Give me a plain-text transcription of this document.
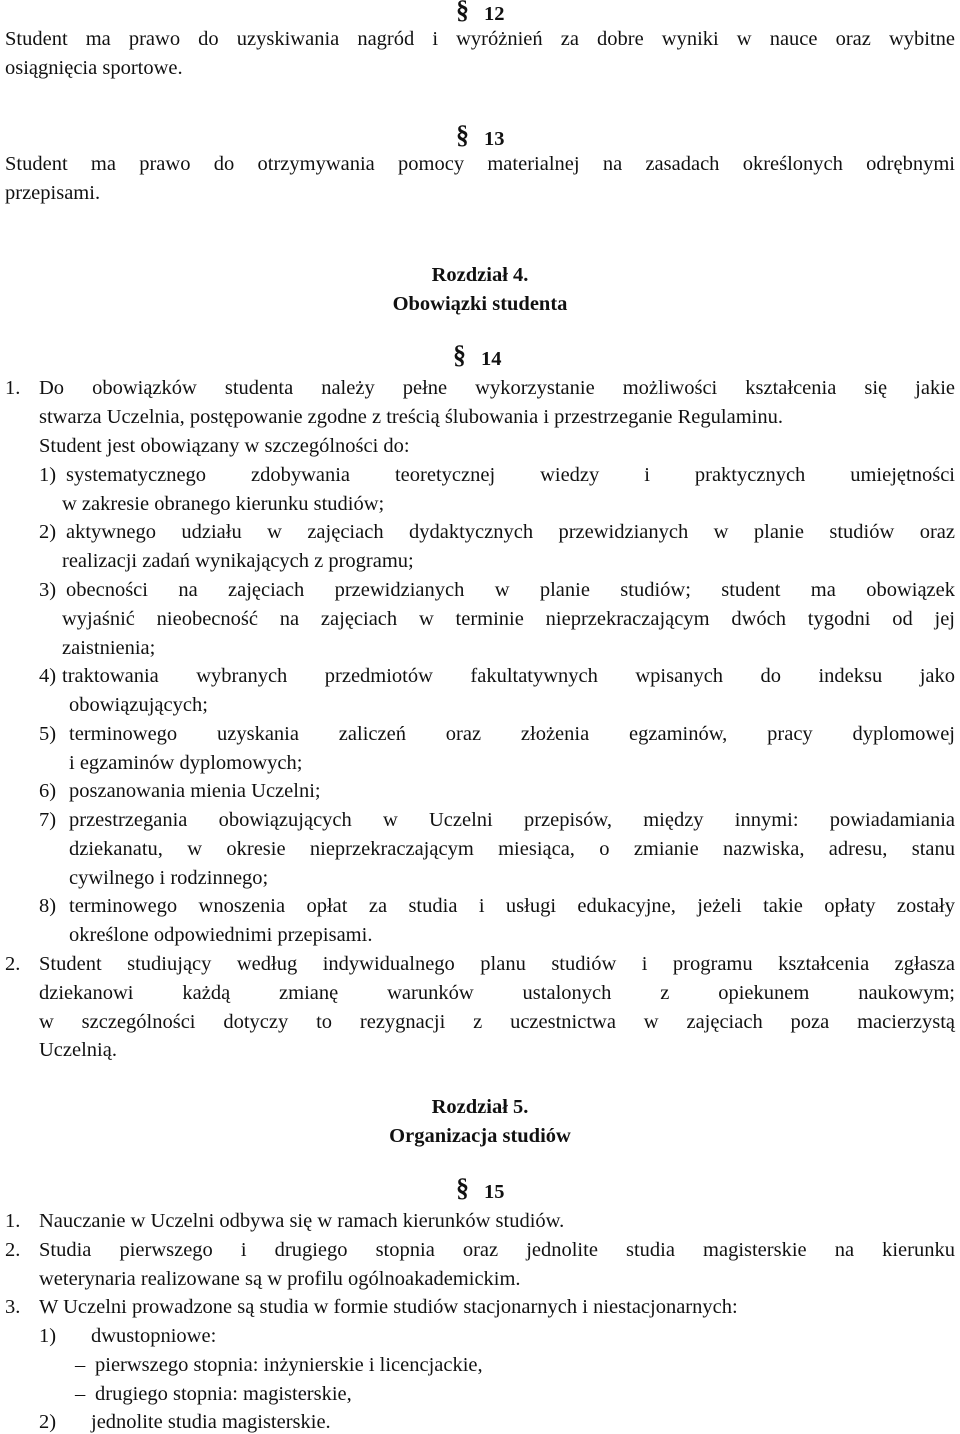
§ 12
Student ma prawo do uzyskiwania nagród i wyróżnień za dobre wyniki w nauce oraz wybitne
osiągnięcia sportowe.
§ 13
Student ma prawo do otrzymywania pomocy materialnej na zasadach określonych odrębnymi
przepisami.
Rozdział 4.
Obowiązki studenta
§ 14
1. Do obowiązków studenta należy pełne wykorzystanie możliwości kształcenia się jakie
stwarza Uczelnia, postępowanie zgodne z treścią ślubowania i przestrzeganie Regulaminu.
Student jest obowiązany w szczególności do:
1) systematycznego zdobywania teoretycznej wiedzy i praktycznych umiejętności
w zakresie obranego kierunku studiów;
2) aktywnego udziału w zajęciach dydaktycznych przewidzianych w planie studiów oraz
realizacji zadań wynikających z programu;
3) obecności na zajęciach przewidzianych w planie studiów; student ma obowiązek
wyjaśnić nieobecność na zajęciach w terminie nieprzekraczającym dwóch tygodni od jej
zaistnienia;
4) traktowania wybranych przedmiotów fakultatywnych wpisanych do indeksu jako
obowiązujących;
5) terminowego uzyskania zaliczeń oraz złożenia egzaminów, pracy dyplomowej
i egzaminów dyplomowych;
6) poszanowania mienia Uczelni;
7) przestrzegania obowiązujących w Uczelni przepisów, między innymi: powiadamiania
dziekanatu, w okresie nieprzekraczającym miesiąca, o zmianie nazwiska, adresu, stanu
cywilnego i rodzinnego;
8) terminowego wnoszenia opłat za studia i usługi edukacyjne, jeżeli takie opłaty zostały
określone odpowiednimi przepisami.
2. Student studiujący według indywidualnego planu studiów i programu kształcenia zgłasza
dziekanowi każdą zmianę warunków ustalonych z opiekunem naukowym;
w szczególności dotyczy to rezygnacji z uczestnictwa w zajęciach poza macierzystą
Uczelnią.
Rozdział 5.
Organizacja studiów
§ 15
1. Nauczanie w Uczelni odbywa się w ramach kierunków studiów.
2. Studia pierwszego i drugiego stopnia oraz jednolite studia magisterskie na kierunku
weterynaria realizowane są w profilu ogólnoakademickim.
3. W Uczelni prowadzone są studia w formie studiów stacjonarnych i niestacjonarnych:
1) dwustopniowe:
– pierwszego stopnia: inżynierskie i licencjackie,
– drugiego stopnia: magisterskie,
2) jednolite studia magisterskie.
